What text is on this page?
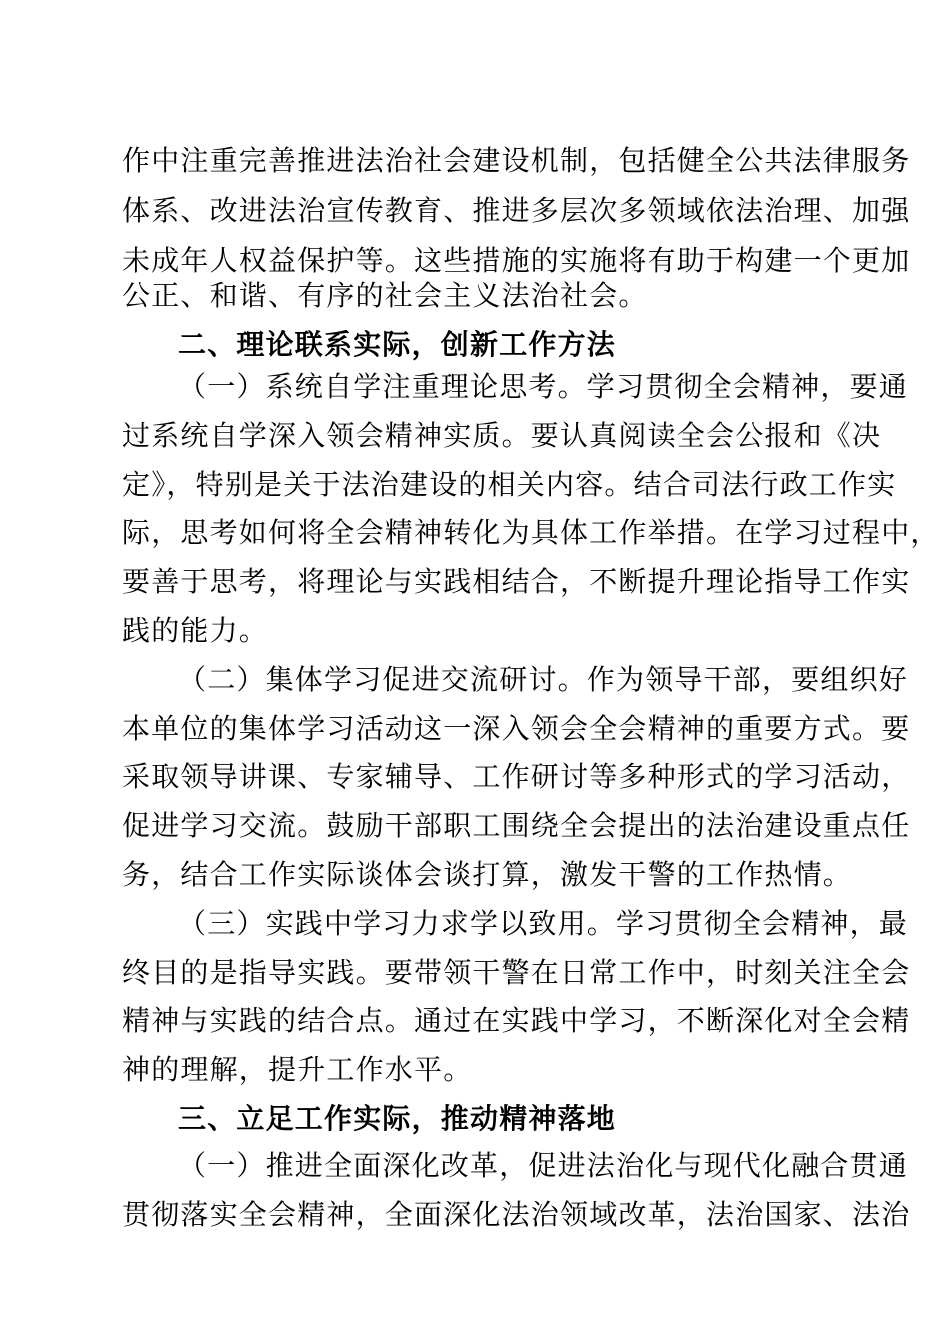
作中注重完善推进法治社会建设机制，包括健全公共法律服务
体系、改进法治宣传教育、推进多层次多领域依法治理、加强
未成年人权益保护等。这些措施的实施将有助于构建一个更加
公正、和谐、有序的社会主义法治社会。
二、理论联系实际，创新工作方法
（一）系统自学注重理论思考。学习贯彻全会精神，要通
过系统自学深入领会精神实质。要认真阅读全会公报和《决
定》，特别是关于法治建设的相关内容。结合司法行政工作实
际，思考如何将全会精神转化为具体工作举措。在学习过程中，
要善于思考，将理论与实践相结合，不断提升理论指导工作实
践的能力。
（二）集体学习促进交流研讨。作为领导干部，要组织好
本单位的集体学习活动这一深入领会全会精神的重要方式。要
采取领导讲课、专家辅导、工作研讨等多种形式的学习活动，
促进学习交流。鼓励干部职工围绕全会提出的法治建设重点任
务，结合工作实际谈体会谈打算，激发干警的工作热情。
（三）实践中学习力求学以致用。学习贯彻全会精神，最
终目的是指导实践。要带领干警在日常工作中，时刻关注全会
精神与实践的结合点。通过在实践中学习，不断深化对全会精
神的理解，提升工作水平。
三、立足工作实际，推动精神落地
（一）推进全面深化改革，促进法治化与现代化融合贯通
贯彻落实全会精神，全面深化法治领域改革，法治国家、法治
